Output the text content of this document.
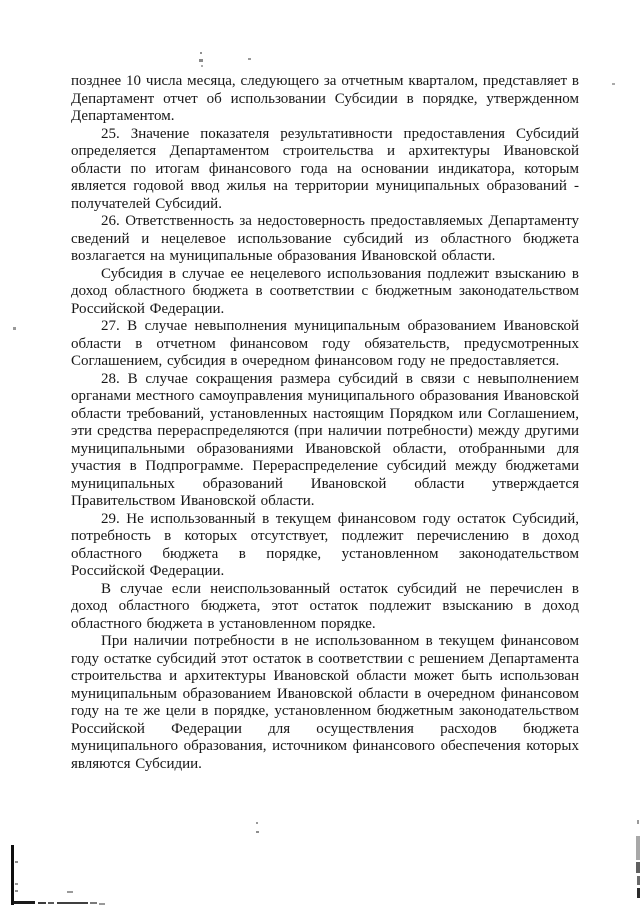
позднее 10 числа месяца, следующего за отчетным кварталом, представляет в Департамент отчет об использовании Субсидии в порядке, утвержденном Департаментом.

25. Значение показателя результативности предоставления Субсидий определяется Департаментом строительства и архитектуры Ивановской области по итогам финансового года на основании индикатора, которым является годовой ввод жилья на территории муниципальных образований - получателей Субсидий.

26. Ответственность за недостоверность предоставляемых Департаменту сведений и нецелевое использование субсидий из областного бюджета возлагается на муниципальные образования Ивановской области.

Субсидия в случае ее нецелевого использования подлежит взысканию в доход областного бюджета в соответствии с бюджетным законодательством Российской Федерации.

27. В случае невыполнения муниципальным образованием Ивановской области в отчетном финансовом году обязательств, предусмотренных Соглашением, субсидия в очередном финансовом году не предоставляется.

28. В случае сокращения размера субсидий в связи с невыполнением органами местного самоуправления муниципального образования Ивановской области требований, установленных настоящим Порядком или Соглашением, эти средства перераспределяются (при наличии потребности) между другими муниципальными образованиями Ивановской области, отобранными для участия в Подпрограмме. Перераспределение субсидий между бюджетами муниципальных образований Ивановской области утверждается Правительством Ивановской области.

29. Не использованный в текущем финансовом году остаток Субсидий, потребность в которых отсутствует, подлежит перечислению в доход областного бюджета в порядке, установленном законодательством Российской Федерации.

В случае если неиспользованный остаток субсидий не перечислен в доход областного бюджета, этот остаток подлежит взысканию в доход областного бюджета в установленном порядке.

При наличии потребности в не использованном в текущем финансовом году остатке субсидий этот остаток в соответствии с решением Департамента строительства и архитектуры Ивановской области может быть использован муниципальным образованием Ивановской области в очередном финансовом году на те же цели в порядке, установленном бюджетным законодательством Российской Федерации для осуществления расходов бюджета муниципального образования, источником финансового обеспечения которых являются Субсидии.
